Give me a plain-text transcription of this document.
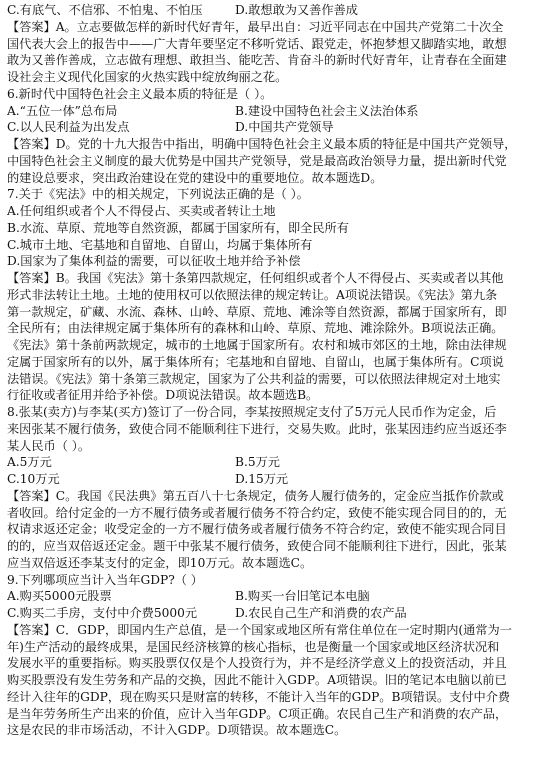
C.有底气、不信邪、不怕鬼、不怕压	D.敢想敢为又善作善成
【答案】A。立志要做怎样的新时代好青年，最早出自：习近平同志在中国共产党第二十次全
国代表大会上的报告中——广大青年要坚定不移听党话、跟党走，怀抱梦想又脚踏实地，敢想
敢为又善作善成，立志做有理想、敢担当、能吃苦、肯奋斗的新时代好青年，让青春在全面建
设社会主义现代化国家的火热实践中绽放绚丽之花。
6.新时代中国特色社会主义最本质的特征是（ ）。
A.“五位一体”总布局	B.建设中国特色社会主义法治体系
C.以人民利益为出发点	D.中国共产党领导
【答案】D。党的十九大报告中指出，明确中国特色社会主义最本质的特征是中国共产党领导，
中国特色社会主义制度的最大优势是中国共产党领导，党是最高政治领导力量，提出新时代党
的建设总要求，突出政治建设在党的建设中的重要地位。故本题选D。
7.关于《宪法》中的相关规定，下列说法正确的是（ ）。
A.任何组织或者个人不得侵占、买卖或者转让土地
B.水流、草原、荒地等自然资源，都属于国家所有，即全民所有
C.城市土地、宅基地和自留地、自留山，均属于集体所有
D.国家为了集体利益的需要，可以征收土地并给予补偿
【答案】B。我国《宪法》第十条第四款规定，任何组织或者个人不得侵占、买卖或者以其他
形式非法转让土地。土地的使用权可以依照法律的规定转让。A项说法错误。《宪法》第九条
第一款规定，矿藏、水流、森林、山岭、草原、荒地、滩涂等自然资源，都属于国家所有，即
全民所有；由法律规定属于集体所有的森林和山岭、草原、荒地、滩涂除外。B项说法正确。
《宪法》第十条前两款规定，城市的土地属于国家所有。农村和城市郊区的土地，除由法律规
定属于国家所有的以外，属于集体所有；宅基地和自留地、自留山，也属于集体所有。C项说
法错误。《宪法》第十条第三款规定，国家为了公共利益的需要，可以依照法律规定对土地实
行征收或者征用并给予补偿。D项说法错误。故本题选B。
8.张某(卖方)与李某(买方)签订了一份合同，李某按照规定支付了5万元人民币作为定金，后
来因张某不履行债务，致使合同不能顺利往下进行，交易失败。此时，张某因违约应当返还李
某人民币（ ）。
A.5万元	B.5万元
C.10万元	D.15万元
【答案】C。我国《民法典》第五百八十七条规定，债务人履行债务的，定金应当抵作价款或
者收回。给付定金的一方不履行债务或者履行债务不符合约定，致使不能实现合同目的的，无
权请求返还定金；收受定金的一方不履行债务或者履行债务不符合约定，致使不能实现合同目
的的，应当双倍返还定金。题干中张某不履行债务，致使合同不能顺利往下进行，因此，张某
应当双倍返还李某支付的定金，即10万元。故本题选C。
9.下列哪项应当计入当年GDP?（ ）
A.购买5000元股票	B.购买一台旧笔记本电脑
C.购买二手房，支付中介费5000元	D.农民自己生产和消费的农产品
【答案】C．GDP，即国内生产总值，是一个国家或地区所有常住单位在一定时期内(通常为一
年)生产活动的最终成果，是国民经济核算的核心指标，也是衡量一个国家或地区经济状况和
发展水平的重要指标。购买股票仅仅是个人投资行为，并不是经济学意义上的投资活动，并且
购买股票没有发生劳务和产品的交换，因此不能计入GDP。A项错误。旧的笔记本电脑以前已
经计入往年的GDP，现在购买只是财富的转移，不能计入当年的GDP。B项错误。支付中介费
是当年劳务所生产出来的价值，应计入当年GDP。C项正确。农民自己生产和消费的农产品，
这是农民的非市场活动，不计入GDP。D项错误。故本题选C。
